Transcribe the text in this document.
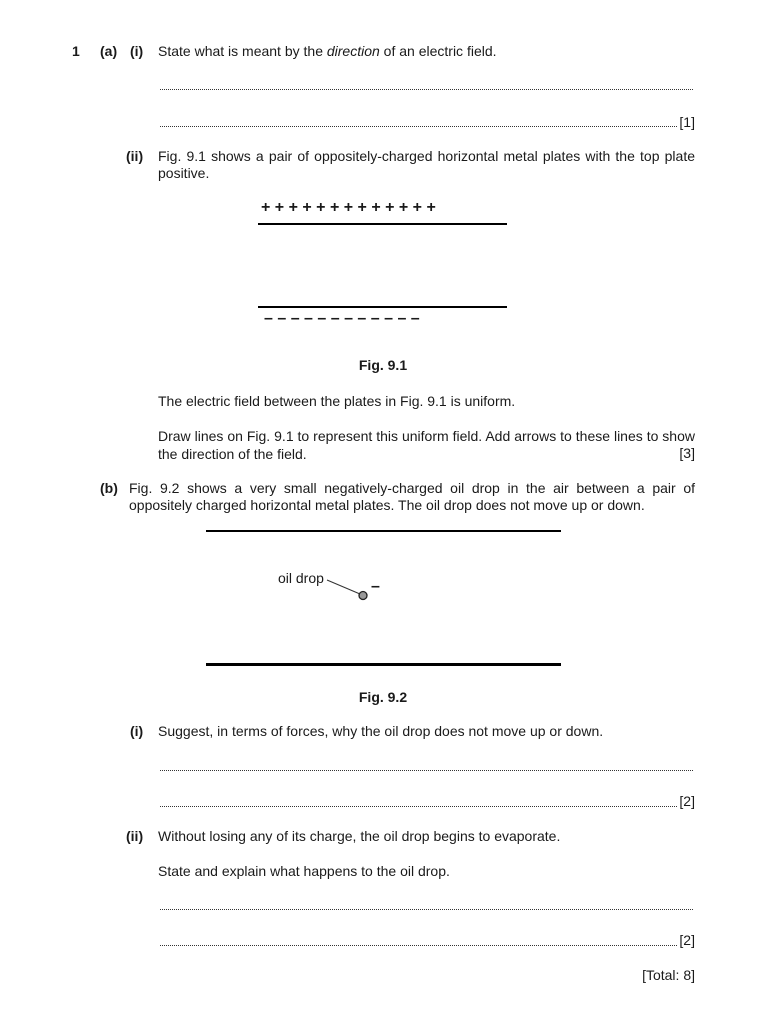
1 (a) (i) State what is meant by the direction of an electric field.
[1]
(ii) Fig. 9.1 shows a pair of oppositely-charged horizontal metal plates with the top plate positive.
+ + + + + + + + + + + + +
– – – – – – – – – – – –
Fig. 9.1
The electric field between the plates in Fig. 9.1 is uniform.
Draw lines on Fig. 9.1 to represent this uniform field. Add arrows to these lines to show the direction of the field.	[3]
(b) Fig. 9.2 shows a very small negatively-charged oil drop in the air between a pair of oppositely charged horizontal metal plates. The oil drop does not move up or down.
oil drop	–
Fig. 9.2
(i) Suggest, in terms of forces, why the oil drop does not move up or down.
[2]
(ii) Without losing any of its charge, the oil drop begins to evaporate.
State and explain what happens to the oil drop.
[2]
[Total: 8]
